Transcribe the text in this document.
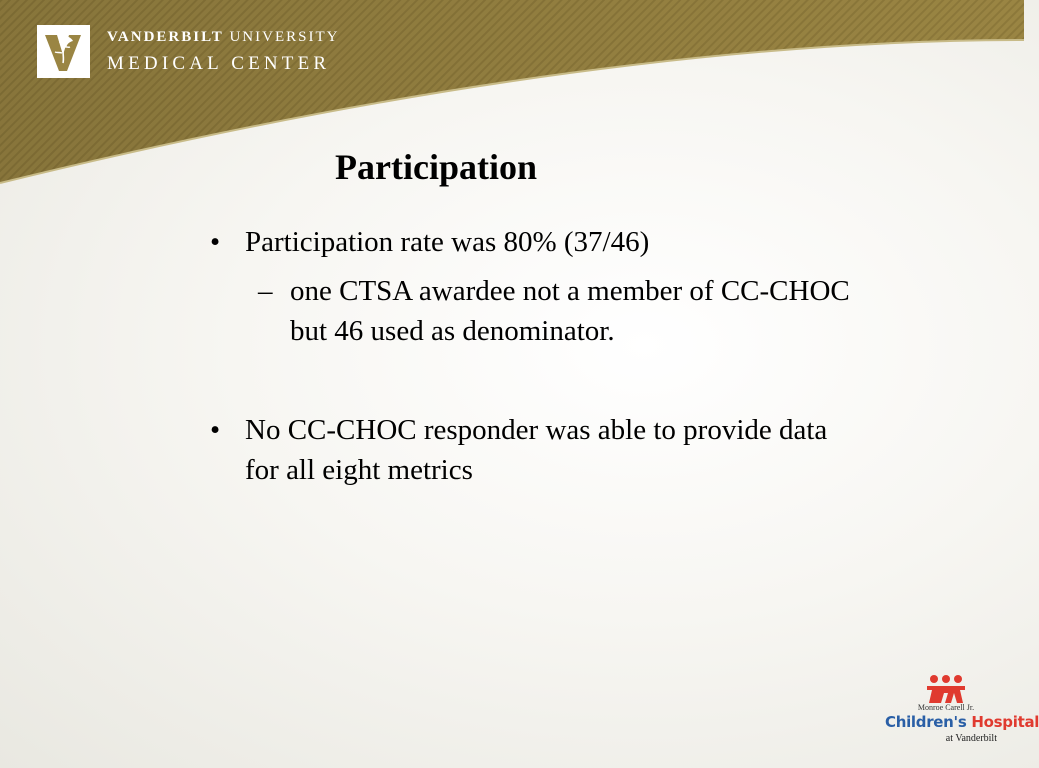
VANDERBILT UNIVERSITY
MEDICAL CENTER
Participation
• Participation rate was 80% (37/46)
– one CTSA awardee not a member of CC-CHOC
but 46 used as denominator.
• No CC-CHOC responder was able to provide data
for all eight metrics
Monroe Carell Jr.
Children's Hospital
at Vanderbilt
